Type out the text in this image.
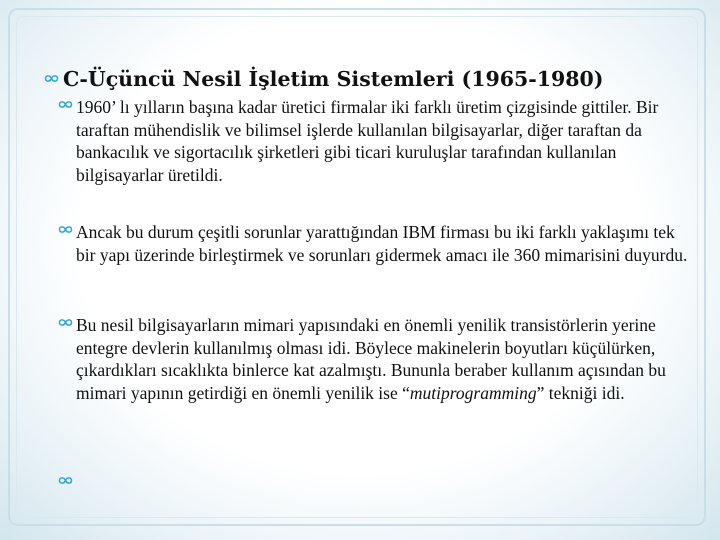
C-Üçüncü Nesil İşletim Sistemleri (1965-1980)
1960’ lı yılların başına kadar üretici firmalar iki farklı üretim çizgisinde gittiler. Bir taraftan mühendislik ve bilimsel işlerde kullanılan bilgisayarlar, diğer taraftan da bankacılık ve sigortacılık şirketleri gibi ticari kuruluşlar tarafından kullanılan bilgisayarlar üretildi.
Ancak bu durum çeşitli sorunlar yarattığından IBM firması bu iki farklı yaklaşımı tek bir yapı üzerinde birleştirmek ve sorunları gidermek amacı ile 360 mimarisini duyurdu.
Bu nesil bilgisayarların mimari yapısındaki en önemli yenilik transistörlerin yerine entegre devlerin kullanılmış olması idi. Böylece makinelerin boyutları küçülürken, çıkardıkları sıcaklıkta binlerce kat azalmıştı. Bununla beraber kullanım açısından bu mimari yapının getirdiği en önemli yenilik ise “mutiprogramming” tekniği idi.
